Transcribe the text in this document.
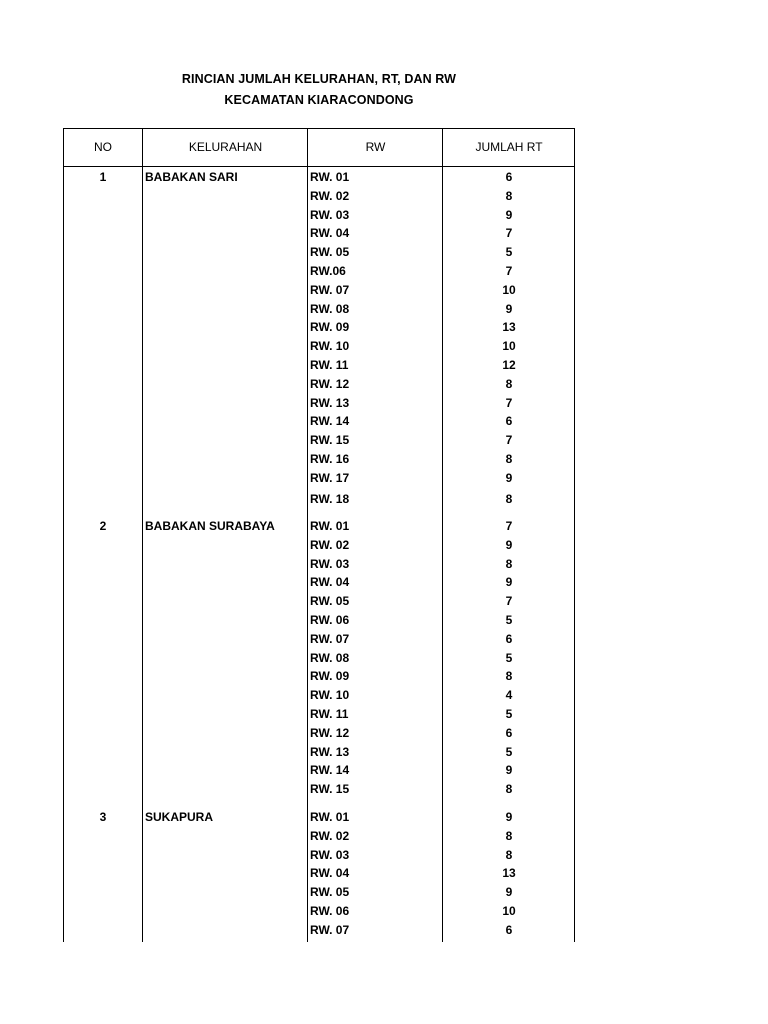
RINCIAN JUMLAH KELURAHAN, RT, DAN RW
KECAMATAN KIARACONDONG
NO	KELURAHAN	RW	JUMLAH RT
1	BABAKAN SARI	RW. 01	6
RW. 02	8
RW. 03	9
RW. 04	7
RW. 05	5
RW.06	7
RW. 07	10
RW. 08	9
RW. 09	13
RW. 10	10
RW. 11	12
RW. 12	8
RW. 13	7
RW. 14	6
RW. 15	7
RW. 16	8
RW. 17	9
RW. 18	8
2	BABAKAN SURABAYA	RW. 01	7
RW. 02	9
RW. 03	8
RW. 04	9
RW. 05	7
RW. 06	5
RW. 07	6
RW. 08	5
RW. 09	8
RW. 10	4
RW. 11	5
RW. 12	6
RW. 13	5
RW. 14	9
RW. 15	8
3	SUKAPURA	RW. 01	9
RW. 02	8
RW. 03	8
RW. 04	13
RW. 05	9
RW. 06	10
RW. 07	6
